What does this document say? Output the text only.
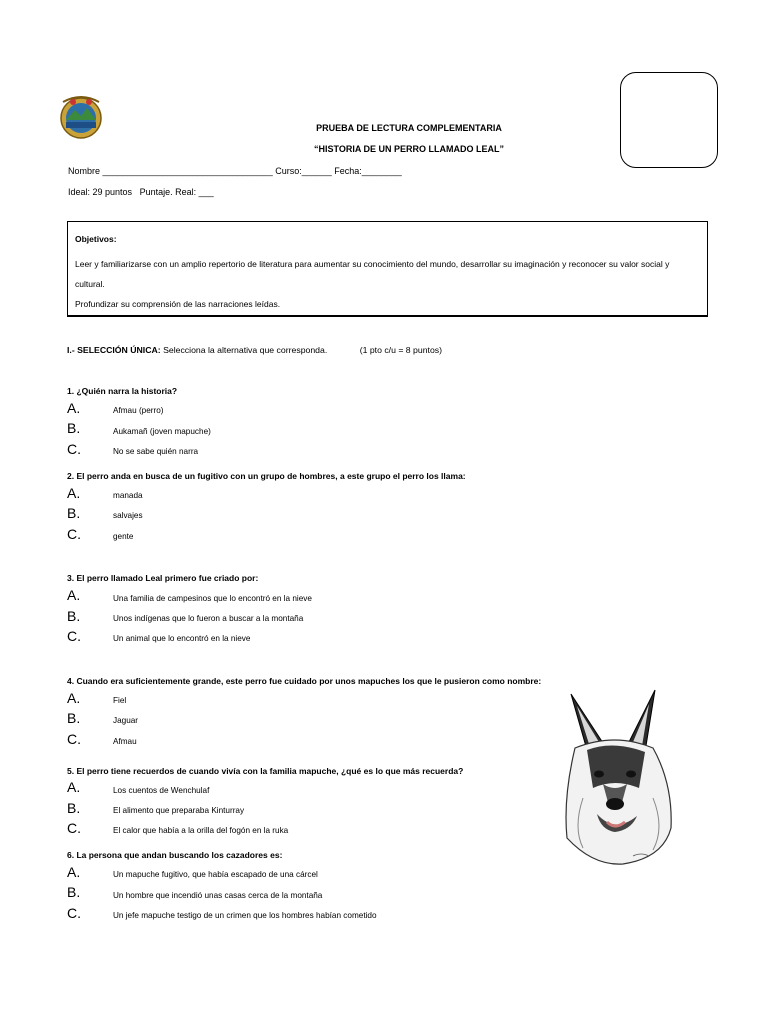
PRUEBA DE LECTURA COMPLEMENTARIA
“HISTORIA DE UN PERRO LLAMADO LEAL”
Nombre __________________________________ Curso:______ Fecha:________
Ideal: 29 puntos Puntaje. Real: ___
Objetivos:
Leer y familiarizarse con un amplio repertorio de literatura para aumentar su conocimiento del mundo, desarrollar su imaginación y reconocer su valor social y
cultural.
Profundizar su comprensión de las narraciones leídas.
I.- SELECCIÓN ÚNICA: Selecciona la alternativa que corresponda.	(1 pto c/u = 8 puntos)
1. ¿Quién narra la historia?
A.	Afmau (perro)
B.	Aukamañ (joven mapuche)
C.	No se sabe quién narra
2. El perro anda en busca de un fugitivo con un grupo de hombres, a este grupo el perro los llama:
A.	manada
B.	salvajes
C.	gente
3. El perro llamado Leal primero fue criado por:
A.	Una familia de campesinos que lo encontró en la nieve
B.	Unos indígenas que lo fueron a buscar a la montaña
C.	Un animal que lo encontró en la nieve
4. Cuando era suficientemente grande, este perro fue cuidado por unos mapuches los que le pusieron como nombre:
A.	Fiel
B.	Jaguar
C.	Afmau
5. El perro tiene recuerdos de cuando vivía con la familia mapuche, ¿qué es lo que más recuerda?
A.	Los cuentos de Wenchulaf
B.	El alimento que preparaba Kinturray
C.	El calor que había a la orilla del fogón en la ruka
6. La persona que andan buscando los cazadores es:
A.	Un mapuche fugitivo, que había escapado de una cárcel
B.	Un hombre que incendió unas casas cerca de la montaña
C.	Un jefe mapuche testigo de un crimen que los hombres habían cometido
